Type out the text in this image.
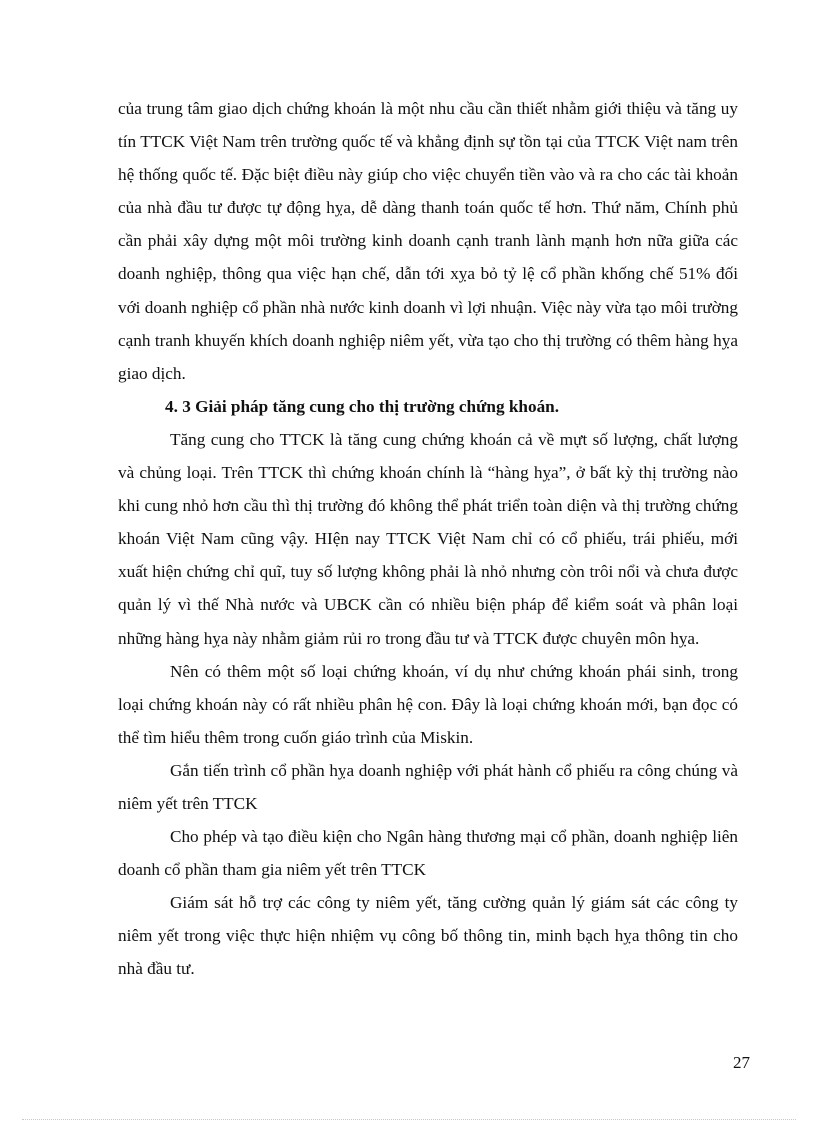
của trung tâm giao dịch chứng khoán là một nhu cầu cần thiết nhằm giới thiệu và tăng uy tín TTCK Việt Nam trên trường quốc tế và khẳng định sự tồn tại của TTCK Việt nam trên hệ thống quốc tế. Đặc biệt điều này giúp cho việc chuyển tiền vào và ra cho các tài khoản của nhà đầu tư được tự động hỵa, dễ dàng thanh toán quốc tế hơn. Thứ năm, Chính phủ cần phải xây dựng một môi trường kinh doanh cạnh tranh lành mạnh hơn nữa giữa các doanh nghiệp, thông qua việc hạn chế, dẫn tới xỵa bỏ tỷ lệ cổ phần khống chế 51% đối với doanh nghiệp cổ phần nhà nước kinh doanh vì lợi nhuận. Việc này vừa tạo môi trường cạnh tranh khuyến khích doanh nghiệp niêm yết, vừa tạo cho thị trường có thêm hàng hỵa giao dịch.

4. 3 Giải pháp tăng cung cho thị trường chứng khoán.

Tăng cung cho TTCK là tăng cung chứng khoán cả về mựt số lượng, chất lượng và chủng loại. Trên TTCK thì chứng khoán chính là “hàng hỵa”, ở bất kỳ thị trường nào khi cung nhỏ hơn cầu thì thị trường đó không thể phát triển toàn diện và thị trường chứng khoán Việt Nam cũng vậy. HIện nay TTCK Việt Nam chỉ có cổ phiếu, trái phiếu, mới xuất hiện chứng chỉ quĩ, tuy số lượng không phải là nhỏ nhưng còn trôi nổi và chưa được quản lý vì thế Nhà nước và UBCK cần có nhiều biện pháp để kiểm soát và phân loại những hàng hỵa này nhằm giảm rủi ro trong đầu tư và TTCK được chuyên môn hỵa.

Nên có thêm một số loại chứng khoán, ví dụ như chứng khoán phái sinh, trong loại chứng khoán này có rất nhiều phân hệ con. Đây là loại chứng khoán mới, bạn đọc có thể tìm hiểu thêm trong cuốn giáo trình của Miskin.

Gắn tiến trình cổ phần hỵa doanh nghiệp với phát hành cổ phiếu ra công chúng và niêm yết trên TTCK

Cho phép và tạo điều kiện cho Ngân hàng thương mại cổ phần, doanh nghiệp liên doanh cổ phần tham gia niêm yết trên TTCK

Giám sát hỗ trợ các công ty niêm yết, tăng cường quản lý giám sát các công ty niêm yết trong việc thực hiện nhiệm vụ công bố thông tin, minh bạch hỵa thông tin cho nhà đầu tư.

27
